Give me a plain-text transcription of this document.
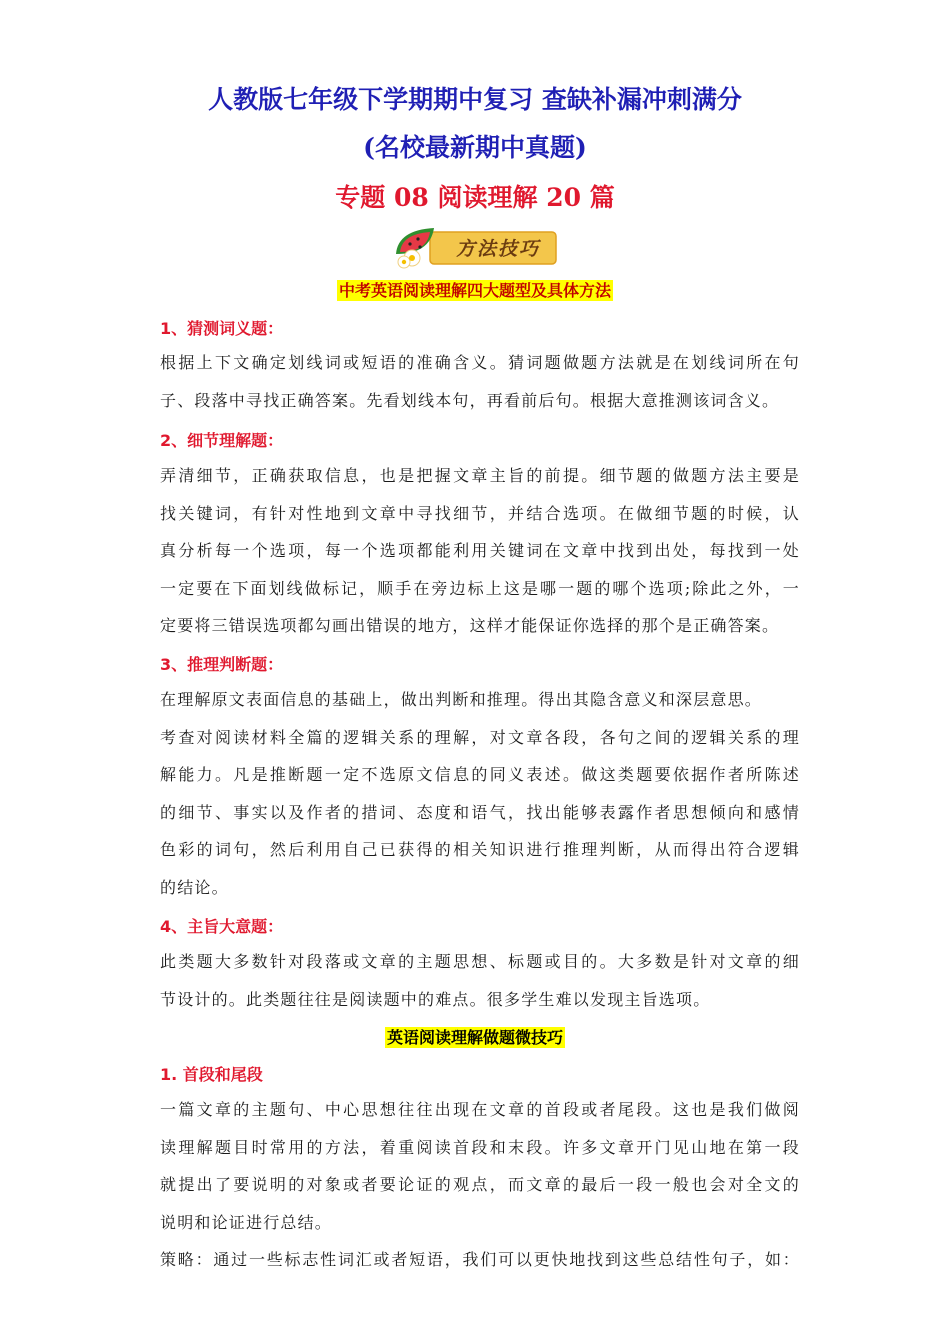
人教版七年级下学期期中复习 查缺补漏冲刺满分
(名校最新期中真题)
专题 08 阅读理解 20 篇
方法技巧
中考英语阅读理解四大题型及具体方法
1、猜测词义题：
根据上下文确定划线词或短语的准确含义。猜词题做题方法就是在划线词所在句
子、段落中寻找正确答案。先看划线本句，再看前后句。根据大意推测该词含义。
2、细节理解题：
弄清细节，正确获取信息，也是把握文章主旨的前提。细节题的做题方法主要是
找关键词，有针对性地到文章中寻找细节，并结合选项。在做细节题的时候，认
真分析每一个选项，每一个选项都能利用关键词在文章中找到出处，每找到一处
一定要在下面划线做标记，顺手在旁边标上这是哪一题的哪个选项;除此之外，一
定要将三错误选项都勾画出错误的地方，这样才能保证你选择的那个是正确答案。
3、推理判断题：
在理解原文表面信息的基础上，做出判断和推理。得出其隐含意义和深层意思。
考查对阅读材料全篇的逻辑关系的理解，对文章各段，各句之间的逻辑关系的理
解能力。凡是推断题一定不选原文信息的同义表述。做这类题要依据作者所陈述
的细节、事实以及作者的措词、态度和语气，找出能够表露作者思想倾向和感情
色彩的词句，然后利用自己已获得的相关知识进行推理判断，从而得出符合逻辑
的结论。
4、主旨大意题：
此类题大多数针对段落或文章的主题思想、标题或目的。大多数是针对文章的细
节设计的。此类题往往是阅读题中的难点。很多学生难以发现主旨选项。
英语阅读理解做题微技巧
1. 首段和尾段
一篇文章的主题句、中心思想往往出现在文章的首段或者尾段。这也是我们做阅
读理解题目时常用的方法，着重阅读首段和末段。许多文章开门见山地在第一段
就提出了要说明的对象或者要论证的观点，而文章的最后一段一般也会对全文的
说明和论证进行总结。
策略：通过一些标志性词汇或者短语，我们可以更快地找到这些总结性句子，如：
